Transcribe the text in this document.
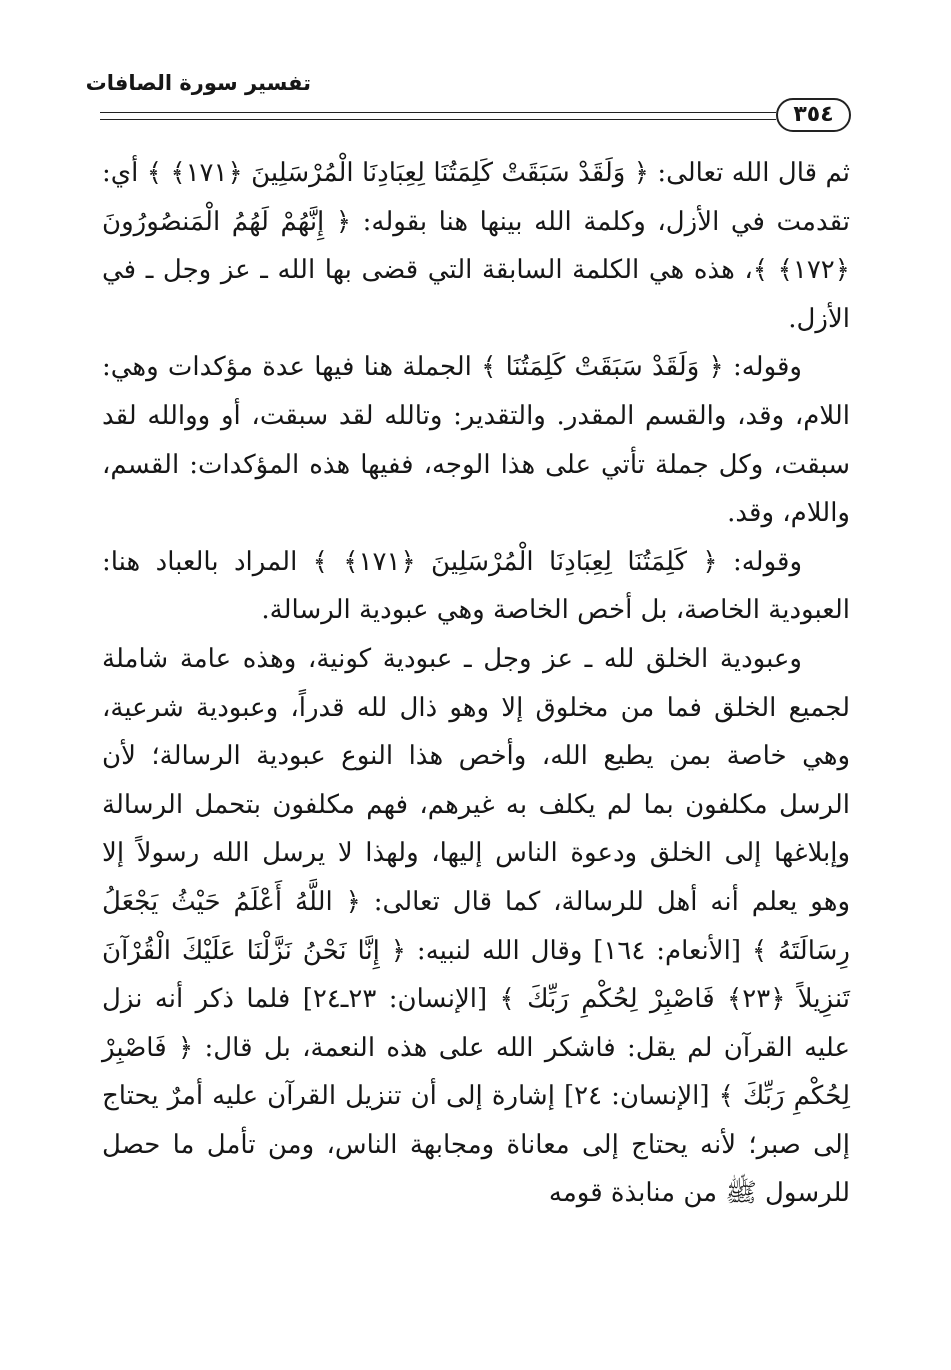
تفسير سورة الصافات
٣٥٤

ثم قال الله تعالى: ﴿ وَلَقَدْ سَبَقَتْ كَلِمَتُنَا لِعِبَادِنَا الْمُرْسَلِينَ ﴿١٧١﴾ ﴾ أي: تقدمت في الأزل، وكلمة الله بينها هنا بقوله: ﴿ إِنَّهُمْ لَهُمُ الْمَنصُورُونَ ﴿١٧٢﴾ ﴾، هذه هي الكلمة السابقة التي قضى بها الله ـ عز وجل ـ في الأزل.

وقوله: ﴿ وَلَقَدْ سَبَقَتْ كَلِمَتُنَا ﴾ الجملة هنا فيها عدة مؤكدات وهي: اللام، وقد، والقسم المقدر. والتقدير: وتالله لقد سبقت، أو ووالله لقد سبقت، وكل جملة تأتي على هذا الوجه، ففيها هذه المؤكدات: القسم، واللام، وقد.

وقوله: ﴿ كَلِمَتُنَا لِعِبَادِنَا الْمُرْسَلِينَ ﴿١٧١﴾ ﴾ المراد بالعباد هنا: العبودية الخاصة، بل أخص الخاصة وهي عبودية الرسالة.

وعبودية الخلق لله ـ عز وجل ـ عبودية كونية، وهذه عامة شاملة لجميع الخلق فما من مخلوق إلا وهو ذال لله قدراً، وعبودية شرعية، وهي خاصة بمن يطيع الله، وأخص هذا النوع عبودية الرسالة؛ لأن الرسل مكلفون بما لم يكلف به غيرهم، فهم مكلفون بتحمل الرسالة وإبلاغها إلى الخلق ودعوة الناس إليها، ولهذا لا يرسل الله رسولاً إلا وهو يعلم أنه أهل للرسالة، كما قال تعالى: ﴿ اللَّهُ أَعْلَمُ حَيْثُ يَجْعَلُ رِسَالَتَهُ ﴾ [الأنعام: ١٦٤] وقال الله لنبيه: ﴿ إِنَّا نَحْنُ نَزَّلْنَا عَلَيْكَ الْقُرْآنَ تَنزِيلاً ﴿٢٣﴾ فَاصْبِرْ لِحُكْمِ رَبِّكَ ﴾ [الإنسان: ٢٣ـ٢٤] فلما ذكر أنه نزل عليه القرآن لم يقل: فاشكر الله على هذه النعمة، بل قال: ﴿ فَاصْبِرْ لِحُكْمِ رَبِّكَ ﴾ [الإنسان: ٢٤] إشارة إلى أن تنزيل القرآن عليه أمرٌ يحتاج إلى صبر؛ لأنه يحتاج إلى معاناة ومجابهة الناس، ومن تأمل ما حصل للرسول ﷺ من منابذة قومه
